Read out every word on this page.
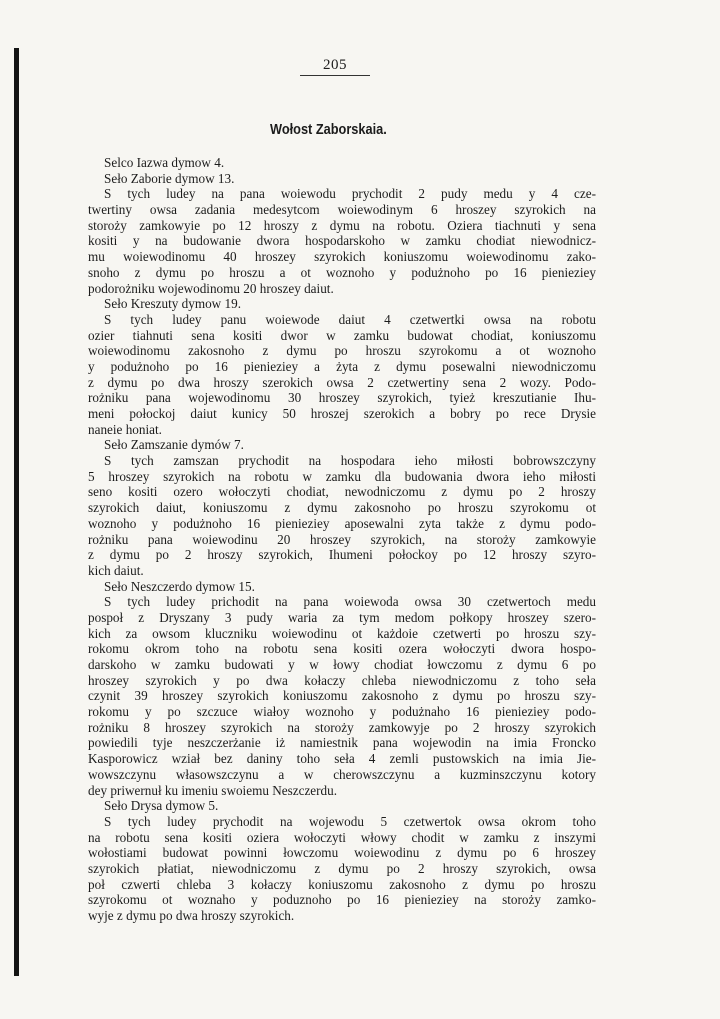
205
Wołost Zaborskaia.
Selco Iazwa dymow 4.
Sełо Zaborie dymow 13.
S tych ludey na pana woiewodu prychodit 2 pudy medu y 4 cze-
twertiny owsa zadania medesytcom woiewodinym 6 hroszey szyrokich na
storoży zamkowyie po 12 hroszy z dymu na robotu. Oziera tiachnuti y sena
kositi y na budowanie dwora hospodarskoho w zamku chodiat niewodnicz-
mu woiewodinomu 40 hroszey szyrokich koniuszomu woiewodinomu zako-
snoho z dymu po hroszu a ot woznoho y podużnoho po 16 pienieziey
podorożniku wojewodinomu 20 hroszey daiut.
Sеło Kreszuty dymow 19.
S tych ludey panu woiewode daiut 4 czetwertki owsa na robotu
ozier tiahnuti sena kositi dwor w zamku budowat chodiat, koniuszomu
woiewodinomu zakosnoho z dymu po hroszu szyrokomu a ot woznoho
y podużnoho po 16 pienieziey a żyta z dymu posewalni niewodniczomu
z dymu po dwa hroszy szerokich owsa 2 czetwertiny sena 2 wozy. Podo-
rożniku pana wojewodinomu 30 hroszey szyrokich, tyież kreszutianie Ihu-
meni połockoj daiut kunicy 50 hroszej szerokich a bobry po rece Drysie
nanеie honiat.
Sеło Zamszanie dymów 7.
S tych zamszan prychodit na hospodara ieho miłosti bobrowszczyny
5 hroszey szyrokich na robotu w zamku dla budowania dwora ieho miłosti
seno kositi ozero wołoczyti chodiat, newodniczomu z dymu po 2 hroszy
szyrokich daiut, koniuszomu z dymu zakosnoho po hroszu szyrokomu ot
woznoho y podużnoho 16 pienieziey aposewalni zyta także z dymu podo-
rożniku pana woiewodinu 20 hroszey szyrokich, na storoży zamkowyie
z dymu po 2 hroszy szyrokich, Ihumeni połockoy po 12 hroszy szyro-
kich daiut.
Sеło Neszczerdo dymow 15.
S tych ludey prichodit na pana woiewoda owsa 30 czetwertoch medu
pospoł z Dryszany 3 pudy waria za tym medom połkopy hroszey szero-
kich za owsom kluczniku woiewodinu ot każdoie czetwerti po hroszu szy-
rokomu okrom toho na robotu sena kositi ozera wołoczyti dwora hospo-
darskoho w zamku budowati y w łowy chodiat łowczomu z dymu 6 po
hroszey szyrokich y po dwa kołaczy chleba niewodniczomu z toho seła
czynit 39 hroszey szyrokich koniuszomu zakosnoho z dymu po hroszu szy-
rokomu y po szczuce wiałoy woznoho y podużnaho 16 pienieziey podo-
rożniku 8 hroszey szyrokich na storoży zamkowyje po 2 hroszy szyrokich
powiedili tyje neszczerżanie iż namiestnik pana wojewodin na imia Froncko
Kasporowicz wział bez daniny toho seła 4 zemli pustowskich na imia Jie-
wowszczynu własowszczynu a w cherowszczynu a kuzminszczynu kotory
dey priwernuł ku imeniu swoiemu Neszczerdu.
Sеło Drysa dymow 5.
S tych ludey prychodit na wojewodu 5 czetwertok owsa okrom toho
na robotu sena kositi oziera wołoczyti włowy chodit w zamku z inszymi
wołostiami budowat powinni łowczomu woiewodinu z dymu po 6 hroszey
szyrokich płatiat, niewodniczomu z dymu po 2 hroszy szyrokich, owsa
poł czwerti chleba 3 kołaczy koniuszomu zakosnoho z dymu po hroszu
szyrokomu ot woznaho y poduznoho po 16 pienieziey na storoży zamko-
wyje z dymu po dwa hroszy szyrokich.
